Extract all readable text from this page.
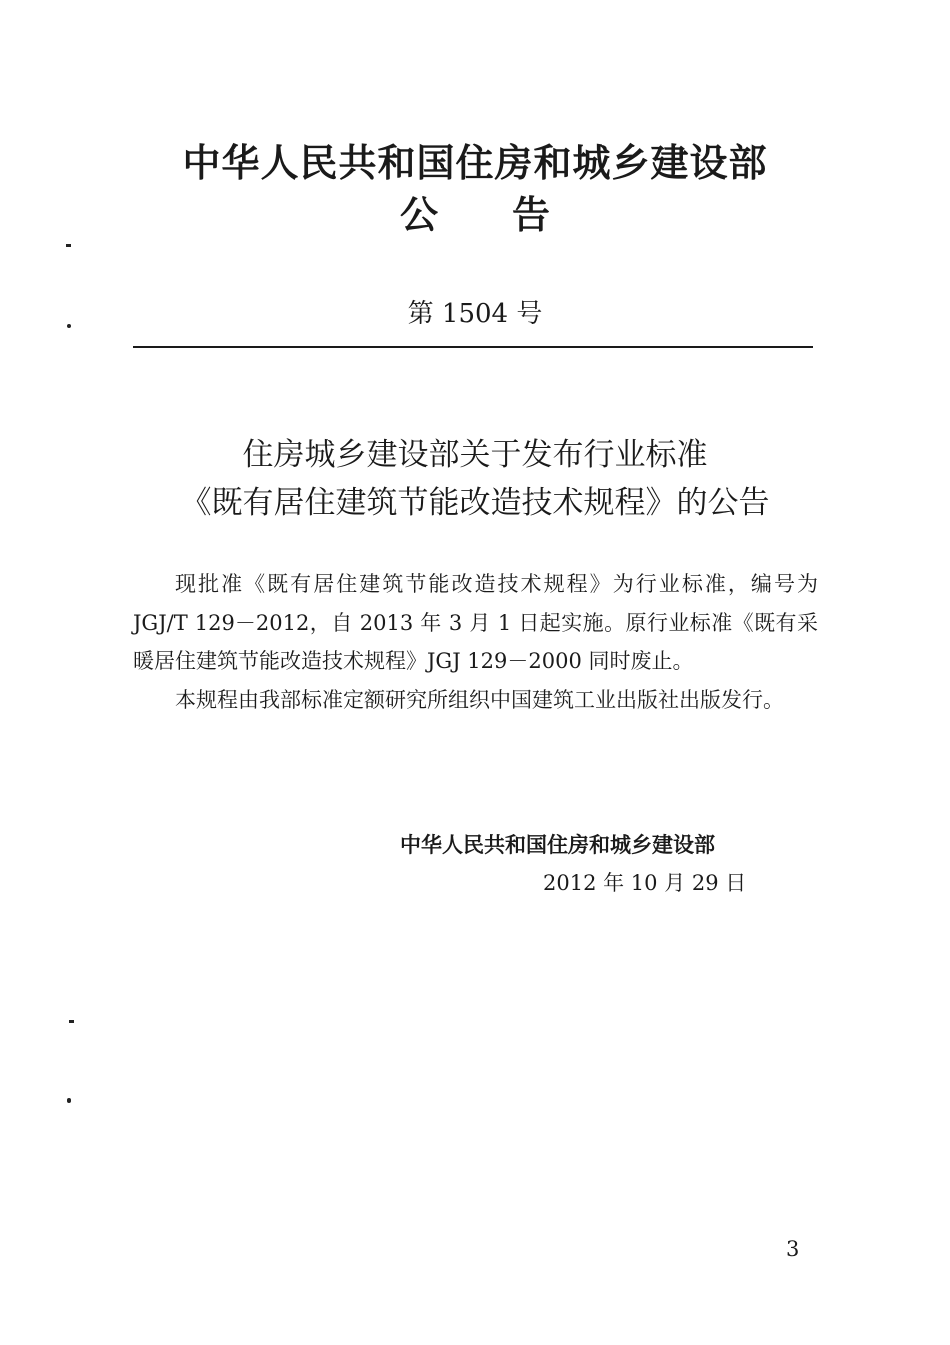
中华人民共和国住房和城乡建设部
公 告
第 1504 号
住房城乡建设部关于发布行业标准
《既有居住建筑节能改造技术规程》的公告

现批准《既有居住建筑节能改造技术规程》为行业标准，编号为 JGJ/T 129－2012，自 2013 年 3 月 1 日起实施。原行业标准《既有采暖居住建筑节能改造技术规程》JGJ 129－2000 同时废止。

本规程由我部标准定额研究所组织中国建筑工业出版社出版发行。

中华人民共和国住房和城乡建设部
2012 年 10 月 29 日
3
